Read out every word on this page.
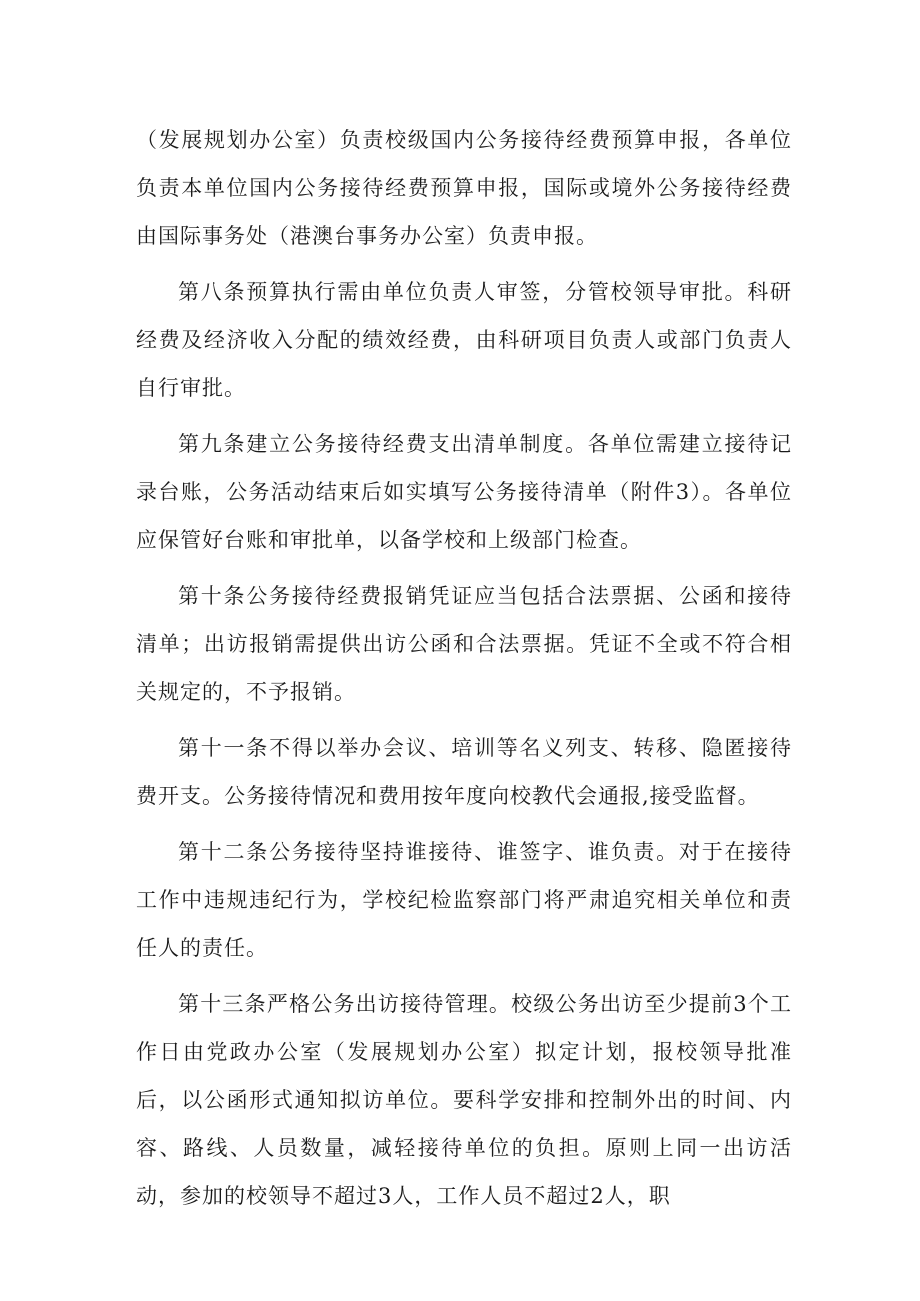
（发展规划办公室）负责校级国内公务接待经费预算申报，各单位负责本单位国内公务接待经费预算申报，国际或境外公务接待经费由国际事务处（港澳台事务办公室）负责申报。

第八条预算执行需由单位负责人审签，分管校领导审批。科研经费及经济收入分配的绩效经费，由科研项目负责人或部门负责人自行审批。

第九条建立公务接待经费支出清单制度。各单位需建立接待记录台账，公务活动结束后如实填写公务接待清单（附件3）。各单位应保管好台账和审批单，以备学校和上级部门检查。

第十条公务接待经费报销凭证应当包括合法票据、公函和接待清单；出访报销需提供出访公函和合法票据。凭证不全或不符合相关规定的，不予报销。

第十一条不得以举办会议、培训等名义列支、转移、隐匿接待费开支。公务接待情况和费用按年度向校教代会通报,接受监督。

第十二条公务接待坚持谁接待、谁签字、谁负责。对于在接待工作中违规违纪行为，学校纪检监察部门将严肃追究相关单位和责任人的责任。

第十三条严格公务出访接待管理。校级公务出访至少提前3个工作日由党政办公室（发展规划办公室）拟定计划，报校领导批准后，以公函形式通知拟访单位。要科学安排和控制外出的时间、内容、路线、人员数量，减轻接待单位的负担。原则上同一出访活动，参加的校领导不超过3人，工作人员不超过2人，职
